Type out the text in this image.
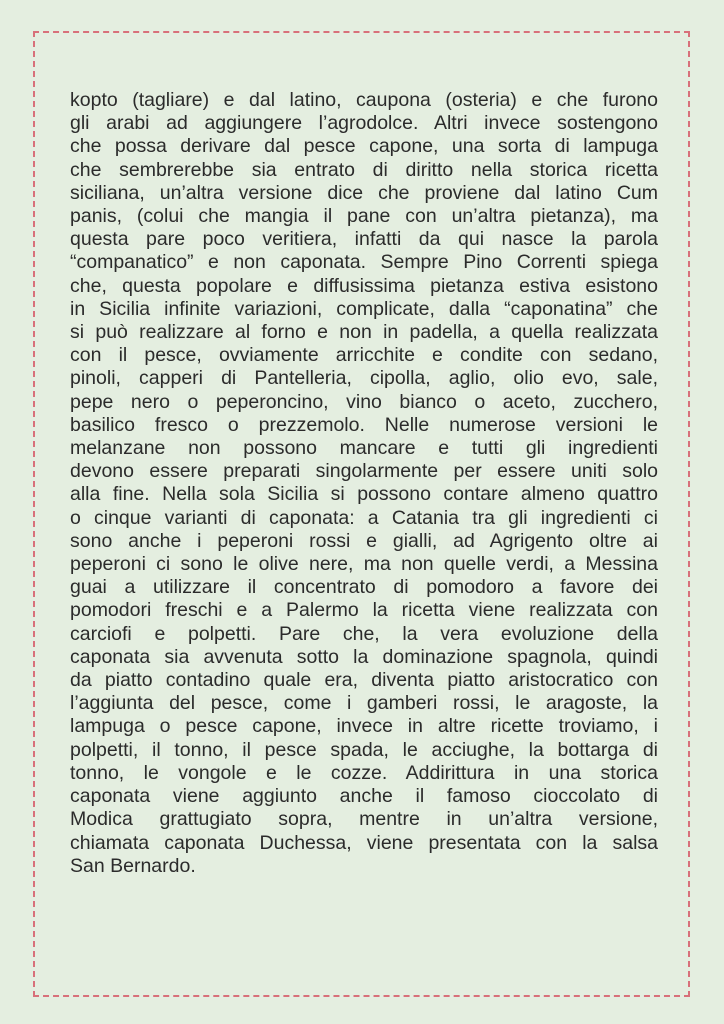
kopto (tagliare) e dal latino, caupona (osteria) e che furono
gli arabi ad aggiungere l’agrodolce. Altri invece sostengono
che possa derivare dal pesce capone, una sorta di lampuga
che sembrerebbe sia entrato di diritto nella storica ricetta
siciliana, un’altra versione dice che proviene dal latino Cum
panis, (colui che mangia il pane con un’altra pietanza), ma
questa pare poco veritiera, infatti da qui nasce la parola
“companatico” e non caponata. Sempre Pino Correnti spiega
che, questa popolare e diffusissima pietanza estiva esistono
in Sicilia infinite variazioni, complicate, dalla “caponatina” che
si può realizzare al forno e non in padella, a quella realizzata
con il pesce, ovviamente arricchite e condite con sedano,
pinoli, capperi di Pantelleria, cipolla, aglio, olio evo, sale,
pepe nero o peperoncino, vino bianco o aceto, zucchero,
basilico fresco o prezzemolo. Nelle numerose versioni le
melanzane non possono mancare e tutti gli ingredienti
devono essere preparati singolarmente per essere uniti solo
alla fine. Nella sola Sicilia si possono contare almeno quattro
o cinque varianti di caponata: a Catania tra gli ingredienti ci
sono anche i peperoni rossi e gialli, ad Agrigento oltre ai
peperoni ci sono le olive nere, ma non quelle verdi, a Messina
guai a utilizzare il concentrato di pomodoro a favore dei
pomodori freschi e a Palermo la ricetta viene realizzata con
carciofi e polpetti. Pare che, la vera evoluzione della
caponata sia avvenuta sotto la dominazione spagnola, quindi
da piatto contadino quale era, diventa piatto aristocratico con
l’aggiunta del pesce, come i gamberi rossi, le aragoste, la
lampuga o pesce capone, invece in altre ricette troviamo, i
polpetti, il tonno, il pesce spada, le acciughe, la bottarga di
tonno, le vongole e le cozze. Addirittura in una storica
caponata viene aggiunto anche il famoso cioccolato di
Modica grattugiato sopra, mentre in un’altra versione,
chiamata caponata Duchessa, viene presentata con la salsa
San Bernardo.
